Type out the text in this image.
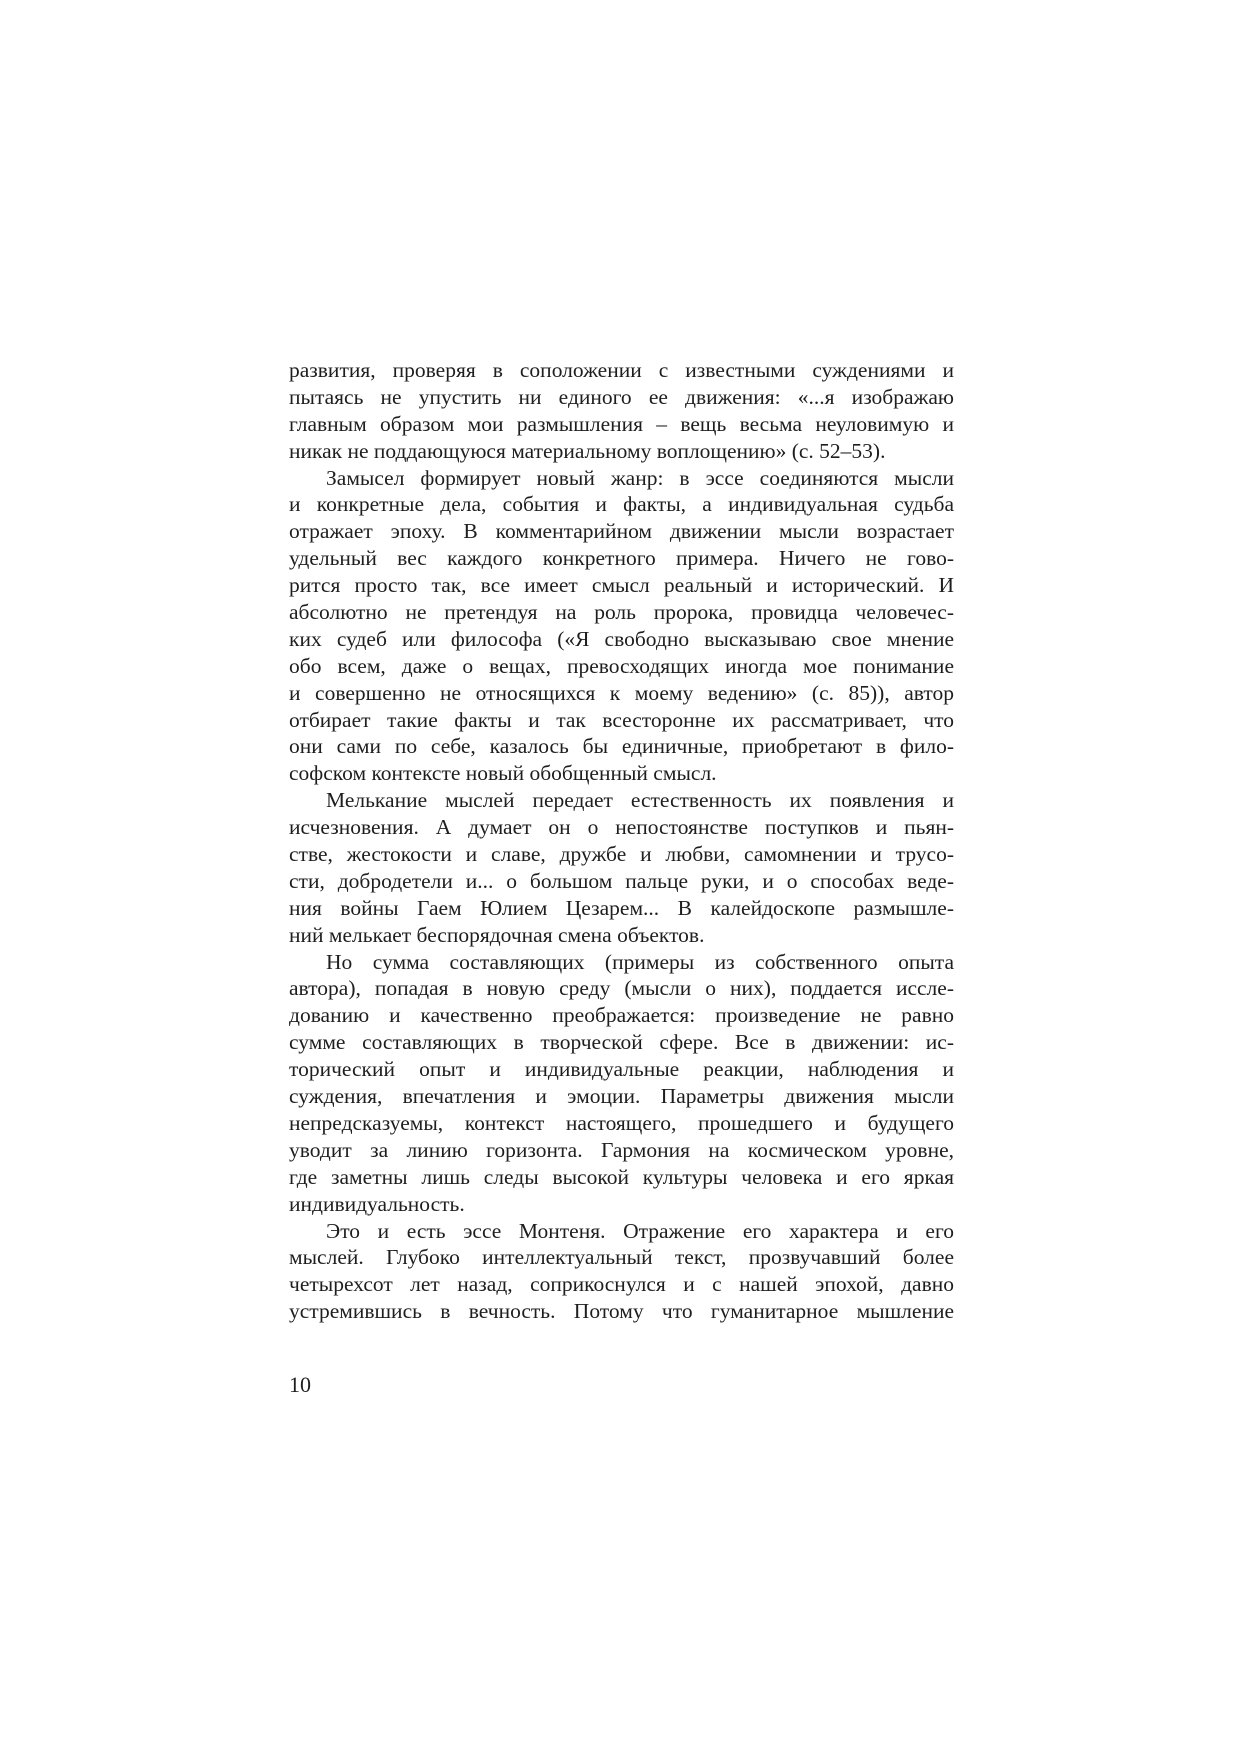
развития, проверяя в соположении с известными суждениями и
пытаясь не упустить ни единого ее движения: «...я изображаю
главным образом мои размышления – вещь весьма неуловимую и
никак не поддающуюся материальному воплощению» (с. 52–53).
Замысел формирует новый жанр: в эссе соединяются мысли
и конкретные дела, события и факты, а индивидуальная судьба
отражает эпоху. В комментарийном движении мысли возрастает
удельный вес каждого конкретного примера. Ничего не гово-
рится просто так, все имеет смысл реальный и исторический. И
абсолютно не претендуя на роль пророка, провидца человечес-
ких судеб или философа («Я свободно высказываю свое мнение
обо всем, даже о вещах, превосходящих иногда мое понимание
и совершенно не относящихся к моему ведению» (с. 85)), автор
отбирает такие факты и так всесторонне их рассматривает, что
они сами по себе, казалось бы единичные, приобретают в фило-
софском контексте новый обобщенный смысл.
Мелькание мыслей передает естественность их появления и
исчезновения. А думает он о непостоянстве поступков и пьян-
стве, жестокости и славе, дружбе и любви, самомнении и трусо-
сти, добродетели и... о большом пальце руки, и о способах веде-
ния войны Гаем Юлием Цезарем... В калейдоскопе размышле-
ний мелькает беспорядочная смена объектов.
Но сумма составляющих (примеры из собственного опыта
автора), попадая в новую среду (мысли о них), поддается иссле-
дованию и качественно преображается: произведение не равно
сумме составляющих в творческой сфере. Все в движении: ис-
торический опыт и индивидуальные реакции, наблюдения и
суждения, впечатления и эмоции. Параметры движения мысли
непредсказуемы, контекст настоящего, прошедшего и будущего
уводит за линию горизонта. Гармония на космическом уровне,
где заметны лишь следы высокой культуры человека и его яркая
индивидуальность.
Это и есть эссе Монтеня. Отражение его характера и его
мыслей. Глубоко интеллектуальный текст, прозвучавший более
четырехсот лет назад, соприкоснулся и с нашей эпохой, давно
устремившись в вечность. Потому что гуманитарное мышление
10
